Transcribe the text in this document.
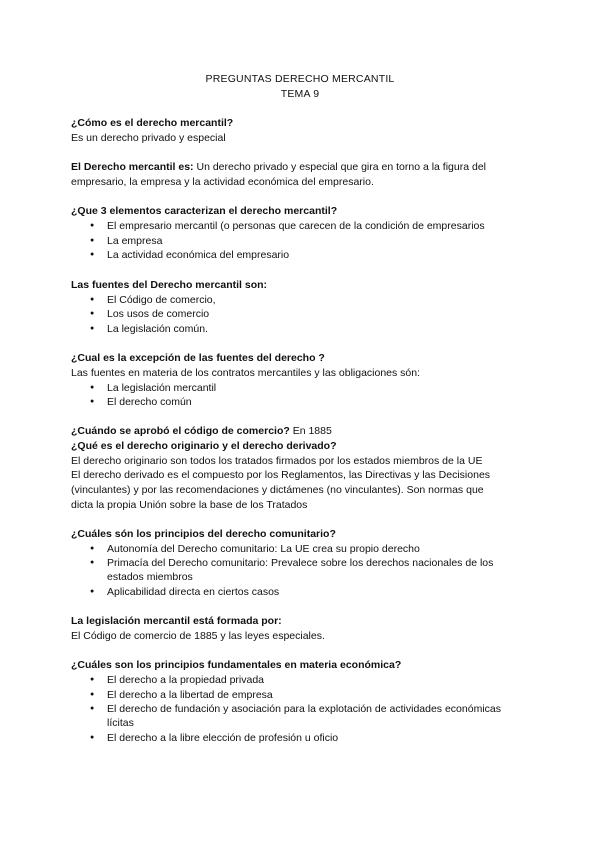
PREGUNTAS DERECHO MERCANTIL
TEMA 9
¿Cómo es el derecho mercantil?
Es un derecho privado y especial
El Derecho mercantil es: Un derecho privado y especial que gira en torno a la figura del
empresario, la empresa y la actividad económica del empresario.
¿Que 3 elementos caracterizan el derecho mercantil?
El empresario mercantil (o personas que carecen de la condición de empresarios
La empresa
La actividad económica del empresario
Las fuentes del Derecho mercantil son:
El Código de comercio,
Los usos de comercio
La legislación común.
¿Cual es la excepción de las fuentes del derecho ?
Las fuentes en materia de los contratos mercantiles y las obligaciones són:
La legislación mercantil
El derecho común
¿Cuándo se aprobó el código de comercio? En 1885
¿Qué es el derecho originario y el derecho derivado?
El derecho originario son todos los tratados firmados por los estados miembros de la UE
El derecho derivado es el compuesto por los Reglamentos, las Directivas y las Decisiones
(vinculantes) y por las recomendaciones y dictámenes (no vinculantes). Son normas que
dicta la propia Unión sobre la base de los Tratados
¿Cuáles són los principios del derecho comunitario?
Autonomía del Derecho comunitario: La UE crea su propio derecho
Primacía del Derecho comunitario: Prevalece sobre los derechos nacionales de los
estados miembros
Aplicabilidad directa en ciertos casos
La legislación mercantil está formada por:
El Código de comercio de 1885 y las leyes especiales.
¿Cuáles son los principios fundamentales en materia económica?
El derecho a la propiedad privada
El derecho a la libertad de empresa
El derecho de fundación y asociación para la explotación de actividades económicas
lícitas
El derecho a la libre elección de profesión u oficio
